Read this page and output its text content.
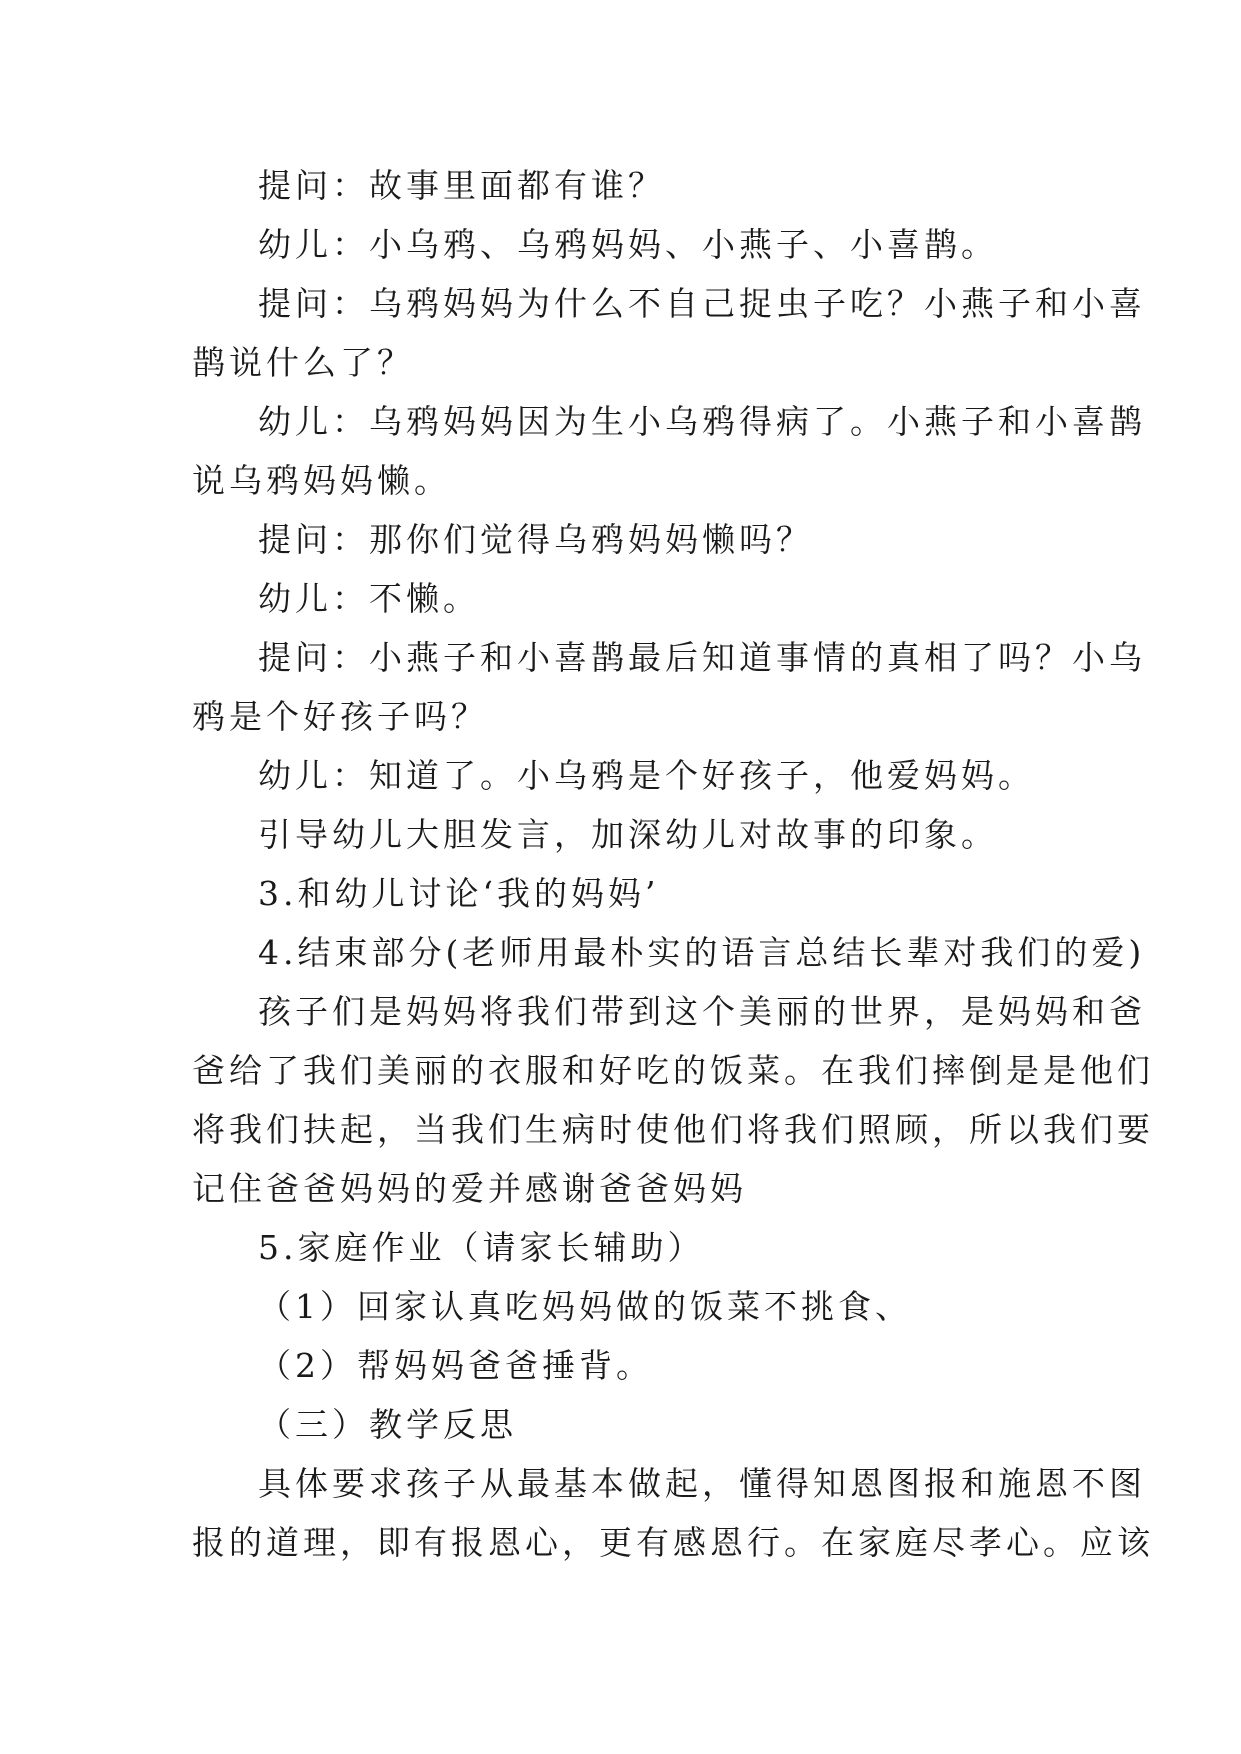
提问：故事里面都有谁？

幼儿：小乌鸦、乌鸦妈妈、小燕子、小喜鹊。

提问：乌鸦妈妈为什么不自己捉虫子吃？小燕子和小喜

鹊说什么了？

幼儿：乌鸦妈妈因为生小乌鸦得病了。小燕子和小喜鹊

说乌鸦妈妈懒。

提问：那你们觉得乌鸦妈妈懒吗？

幼儿：不懒。

提问：小燕子和小喜鹊最后知道事情的真相了吗？小乌

鸦是个好孩子吗？

幼儿：知道了。小乌鸦是个好孩子，他爱妈妈。

引导幼儿大胆发言，加深幼儿对故事的印象。

3.和幼儿讨论‘我的妈妈’

4.结束部分(老师用最朴实的语言总结长辈对我们的爱)

孩子们是妈妈将我们带到这个美丽的世界，是妈妈和爸

爸给了我们美丽的衣服和好吃的饭菜。在我们摔倒是是他们

将我们扶起，当我们生病时使他们将我们照顾，所以我们要

记住爸爸妈妈的爱并感谢爸爸妈妈

5.家庭作业（请家长辅助）

（1）回家认真吃妈妈做的饭菜不挑食、

（2）帮妈妈爸爸捶背。

（三）教学反思

具体要求孩子从最基本做起，懂得知恩图报和施恩不图

报的道理，即有报恩心，更有感恩行。在家庭尽孝心。应该
